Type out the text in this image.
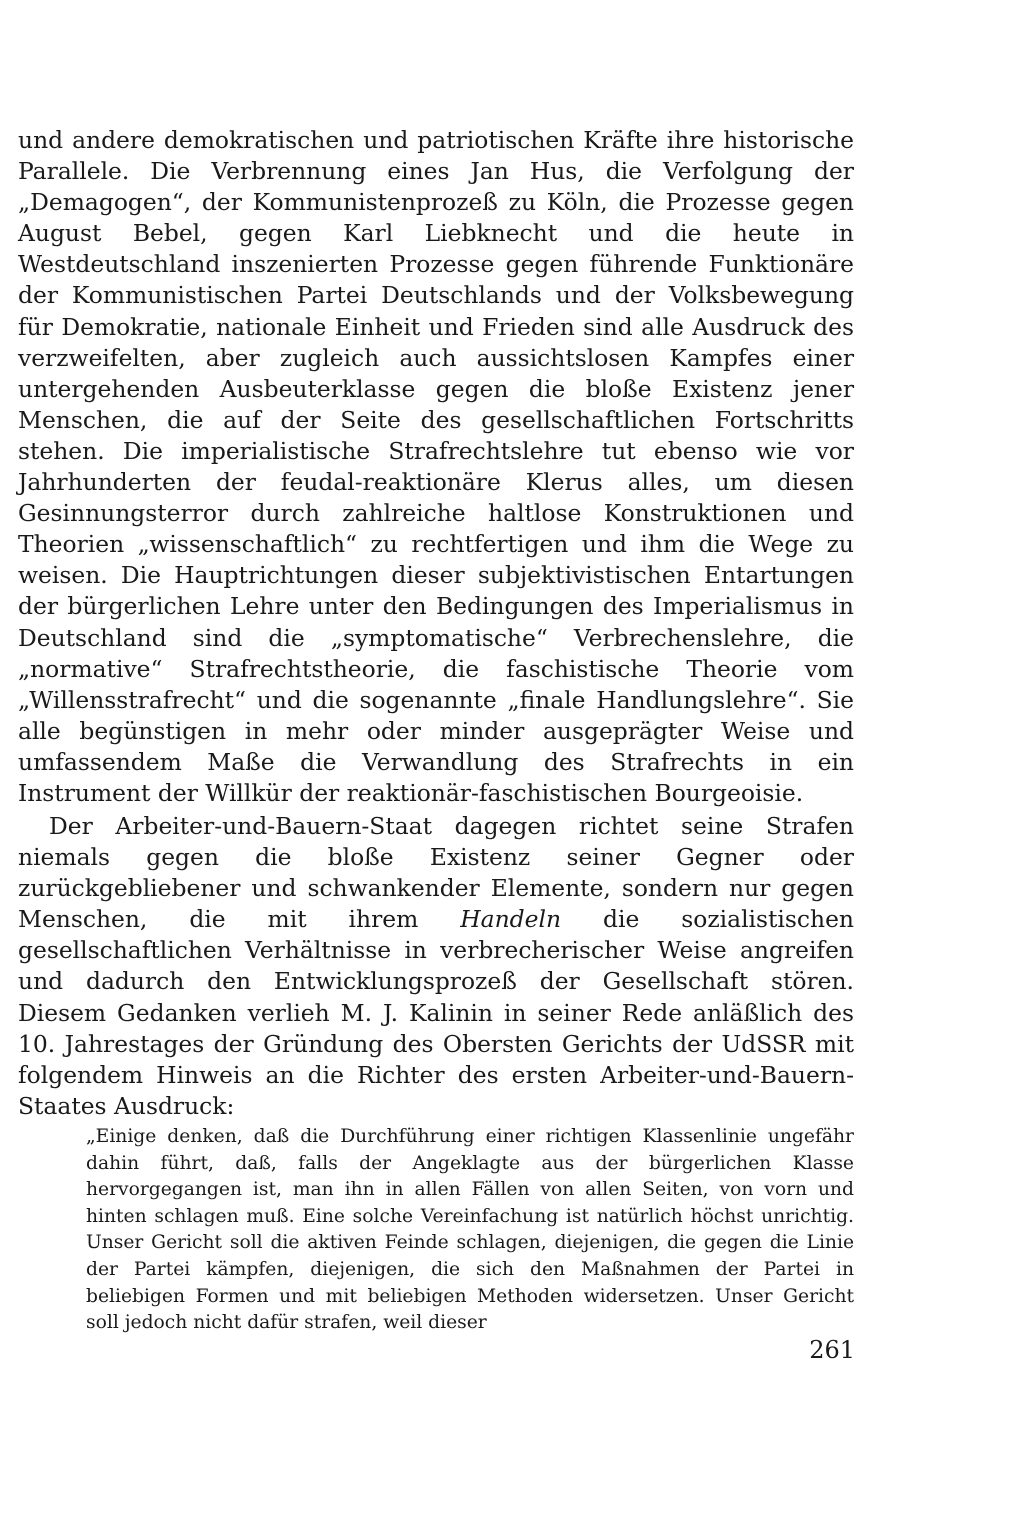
und andere demokratischen und patriotischen Kräfte ihre historische Parallele. Die Verbrennung eines Jan Hus, die Verfolgung der „Demagogen“, der Kommunistenprozeß zu Köln, die Prozesse gegen August Bebel, gegen Karl Liebknecht und die heute in Westdeutschland inszenierten Prozesse gegen führende Funktionäre der Kommunistischen Partei Deutschlands und der Volksbewegung für Demokratie, nationale Einheit und Frieden sind alle Ausdruck des verzweifelten, aber zugleich auch aussichtslosen Kampfes einer untergehenden Ausbeuterklasse gegen die bloße Existenz jener Menschen, die auf der Seite des gesellschaftlichen Fortschritts stehen. Die imperialistische Strafrechtslehre tut ebenso wie vor Jahrhunderten der feudal-reaktionäre Klerus alles, um diesen Gesinnungsterror durch zahlreiche haltlose Konstruktionen und Theorien „wissenschaftlich“ zu rechtfertigen und ihm die Wege zu weisen. Die Hauptrichtungen dieser subjektivistischen Entartungen der bürgerlichen Lehre unter den Bedingungen des Imperialismus in Deutschland sind die „symptomatische“ Verbrechenslehre, die „normative“ Strafrechtstheorie, die faschistische Theorie vom „Willensstrafrecht“ und die sogenannte „finale Handlungslehre“. Sie alle begünstigen in mehr oder minder ausgeprägter Weise und umfassendem Maße die Verwandlung des Strafrechts in ein Instrument der Willkür der reaktionär-faschistischen Bourgeoisie.

Der Arbeiter-und-Bauern-Staat dagegen richtet seine Strafen niemals gegen die bloße Existenz seiner Gegner oder zurückgebliebener und schwankender Elemente, sondern nur gegen Menschen, die mit ihrem Handeln die sozialistischen gesellschaftlichen Verhältnisse in verbrecherischer Weise angreifen und dadurch den Entwicklungsprozeß der Gesellschaft stören. Diesem Gedanken verlieh M. J. Kalinin in seiner Rede anläßlich des 10. Jahrestages der Gründung des Obersten Gerichts der UdSSR mit folgendem Hinweis an die Richter des ersten Arbeiter-und-Bauern-Staates Ausdruck:

„Einige denken, daß die Durchführung einer richtigen Klassenlinie ungefähr dahin führt, daß, falls der Angeklagte aus der bürgerlichen Klasse hervorgegangen ist, man ihn in allen Fällen von allen Seiten, von vorn und hinten schlagen muß. Eine solche Vereinfachung ist natürlich höchst unrichtig. Unser Gericht soll die aktiven Feinde schlagen, diejenigen, die gegen die Linie der Partei kämpfen, diejenigen, die sich den Maßnahmen der Partei in beliebigen Formen und mit beliebigen Methoden widersetzen. Unser Gericht soll jedoch nicht dafür strafen, weil dieser

261
